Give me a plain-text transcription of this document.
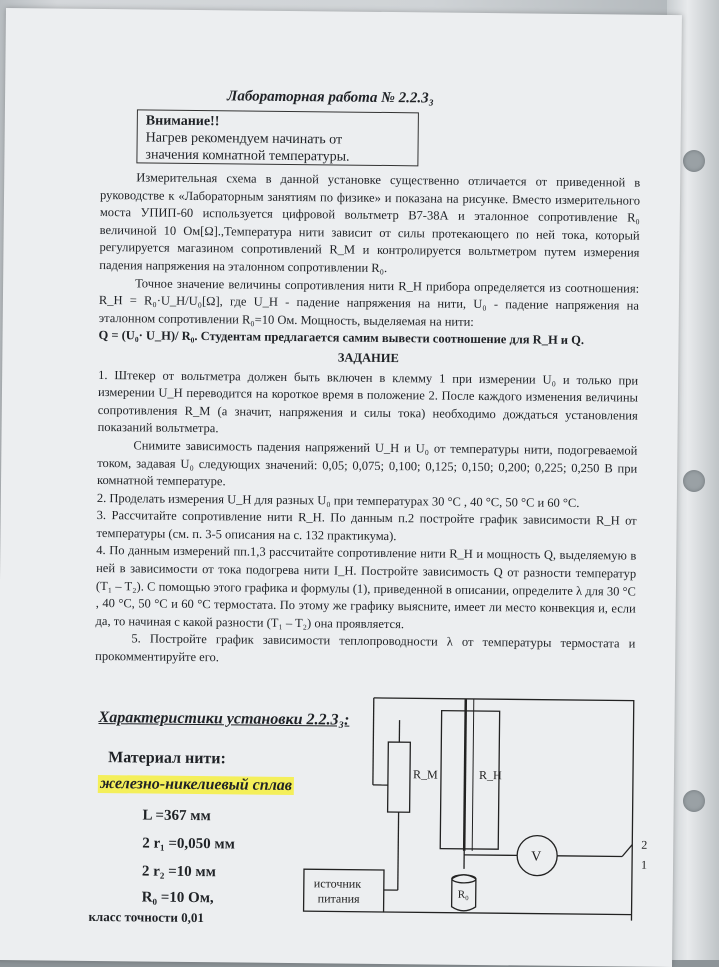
Лабораторная работа № 2.2.3₃
Внимание!!
Нагрев рекомендуем начинать от
значения комнатной температуры.

Измерительная схема в данной установке существенно отличается от приведенной в руководстве к «Лабораторным занятиям по физике» и показана на рисунке. Вместо измерительного моста УПИП-60 используется цифровой вольтметр В7-38А и эталонное сопротивление R₀ величиной 10 Ом[Ω].,Температура нити зависит от силы протекающего по ней тока, который регулируется магазином сопротивлений R_M и контролируется вольтметром путем измерения падения напряжения на эталонном сопротивлении R₀.

Точное значение величины сопротивления нити R_H прибора определяется из соотношения: R_H = R₀·U_H/U₀[Ω], где U_H - падение напряжения на нити, U₀ - падение напряжения на эталонном сопротивлении R₀=10 Ом. Мощность, выделяемая на нити:

Q = (U₀· U_H)/ R₀. Студентам предлагается самим вывести соотношение для R_H и Q.

ЗАДАНИЕ

1. Штекер от вольтметра должен быть включен в клемму 1 при измерении U₀ и только при измерении U_H переводится на короткое время в положение 2. После каждого изменения величины сопротивления R_M (а значит, напряжения и силы тока) необходимо дождаться установления показаний вольтметра.

Снимите зависимость падения напряжений U_H и U₀ от температуры нити, подогреваемой током, задавая U₀ следующих значений: 0,05; 0,075; 0,100; 0,125; 0,150; 0,200; 0,225; 0,250 В при комнатной температуре.

2. Проделать измерения U_H для разных U₀ при температурах 30 °С , 40 °С, 50 °С и 60 °С.

3. Рассчитайте сопротивление нити R_H. По данным п.2 постройте график зависимости R_H от температуры (см. п. 3-5 описания на с. 132 практикума).

4. По данным измерений пп.1,3 рассчитайте сопротивление нити R_H и мощность Q, выделяемую в ней в зависимости от тока подогрева нити I_H. Постройте зависимость Q от разности температур (T₁ – T₂). С помощью этого графика и формулы (1), приведенной в описании, определите λ для 30 °С , 40 °С, 50 °С и 60 °С термостата. По этому же графику выясните, имеет ли место конвекция и, если да, то начиная с какой разности (T₁ – T₂) она проявляется.

5. Постройте график зависимости теплопроводности λ от температуры термостата и прокомментируйте его.

Характеристики установки 2.2.3₃:
Материал нити:
железно-никелиевый сплав
L =367 мм
2 r₁ =0,050 мм
2 r₂ =10 мм
R₀ =10 Ом,
класс точности 0,01
R_M	R_H
V
источник
питания	R₀
2
1
